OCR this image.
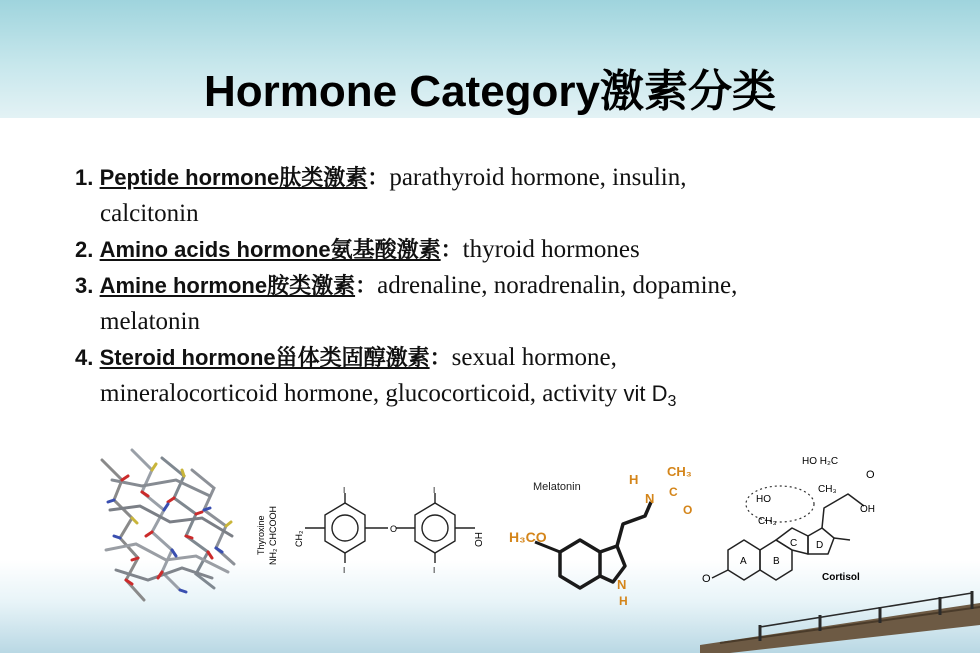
Hormone Category激素分类
1. Peptide hormone肽类激素：parathyroid hormone, insulin,
calcitonin
2. Amino acids hormone氨基酸激素：thyroid hormones
3. Amine hormone胺类激素：adrenaline, noradrenalin, dopamine,
melatonin
4. Steroid hormone甾体类固醇激素：sexual hormone,
mineralocorticoid hormone, glucocorticoid, activity vit $D_3$
O
I
I
I
I
OH
CH₂
NH₂ CHCOOH
Thyroxine
Melatonin
H₃CO
N
H
N
H
CH₃
C
O
HO H₂C
O
CH₃
HO
OH
CH₃
O
A	B
C D
Cortisol
